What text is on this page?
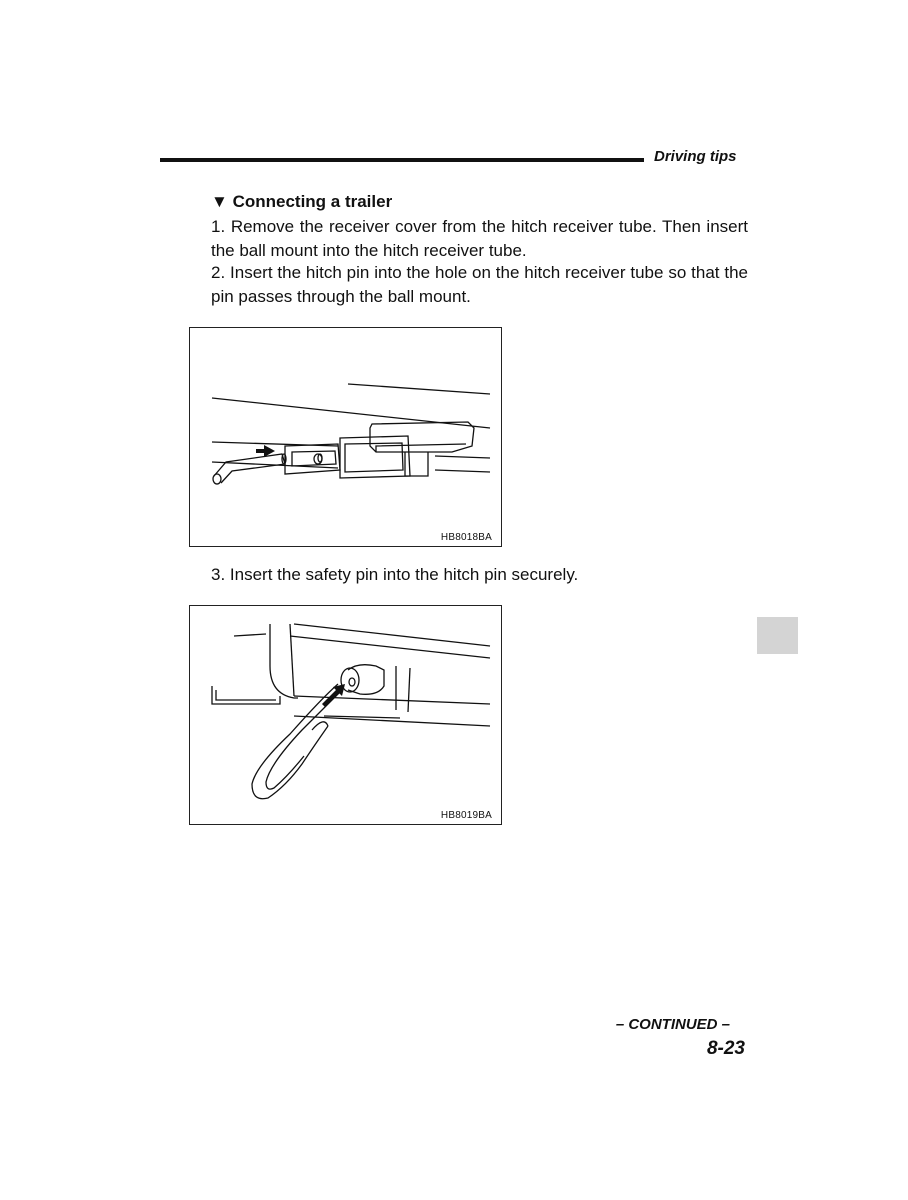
Driving tips
▼ Connecting a trailer
1. Remove the receiver cover from the hitch receiver tube. Then insert the ball mount into the hitch receiver tube.
2. Insert the hitch pin into the hole on the hitch receiver tube so that the pin passes through the ball mount.
HB8018BA
3. Insert the safety pin into the hitch pin securely.
HB8019BA
– CONTINUED –
8-23
